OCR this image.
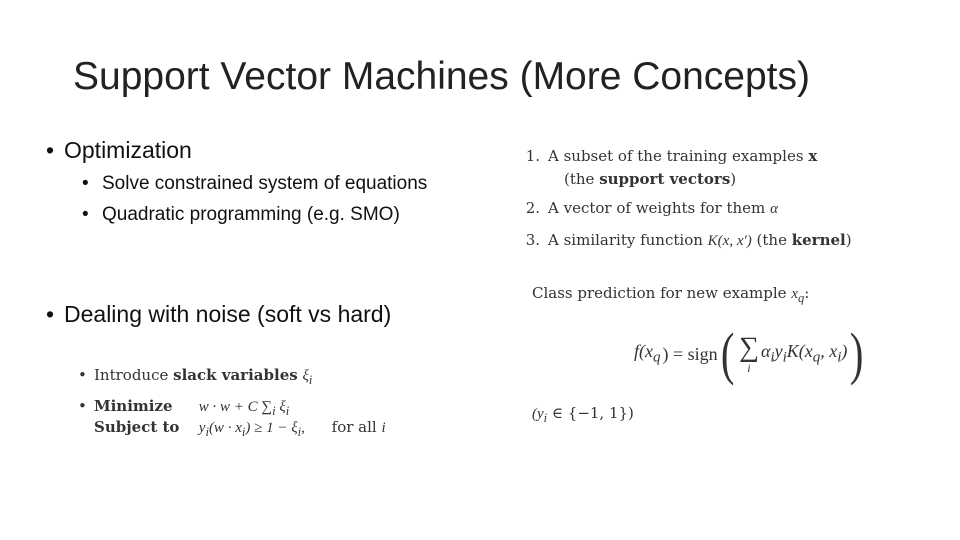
Support Vector Machines (More Concepts)
• Optimization
• Solve constrained system of equations
• Quadratic programming (e.g. SMO)
• Dealing with noise (soft vs hard)
• Introduce slack variables $\xi_i$
• Minimize w · w + C $\sum_i$ $\xi_i$
Subject to $y_i(w \cdot x_i) \ge 1 - \xi_i$, for all i
1. A subset of the training examples x
(the support vectors)
2. A vector of weights for them α
3. A similarity function K(x, x′) (the kernel)
Class prediction for new example $x_q$:
$f(x_q$ ) = sign ( ∑
i
$\alpha_iy_iK(x_q$, $x_i$) )
($y_i$ ∈ {−1, 1})
